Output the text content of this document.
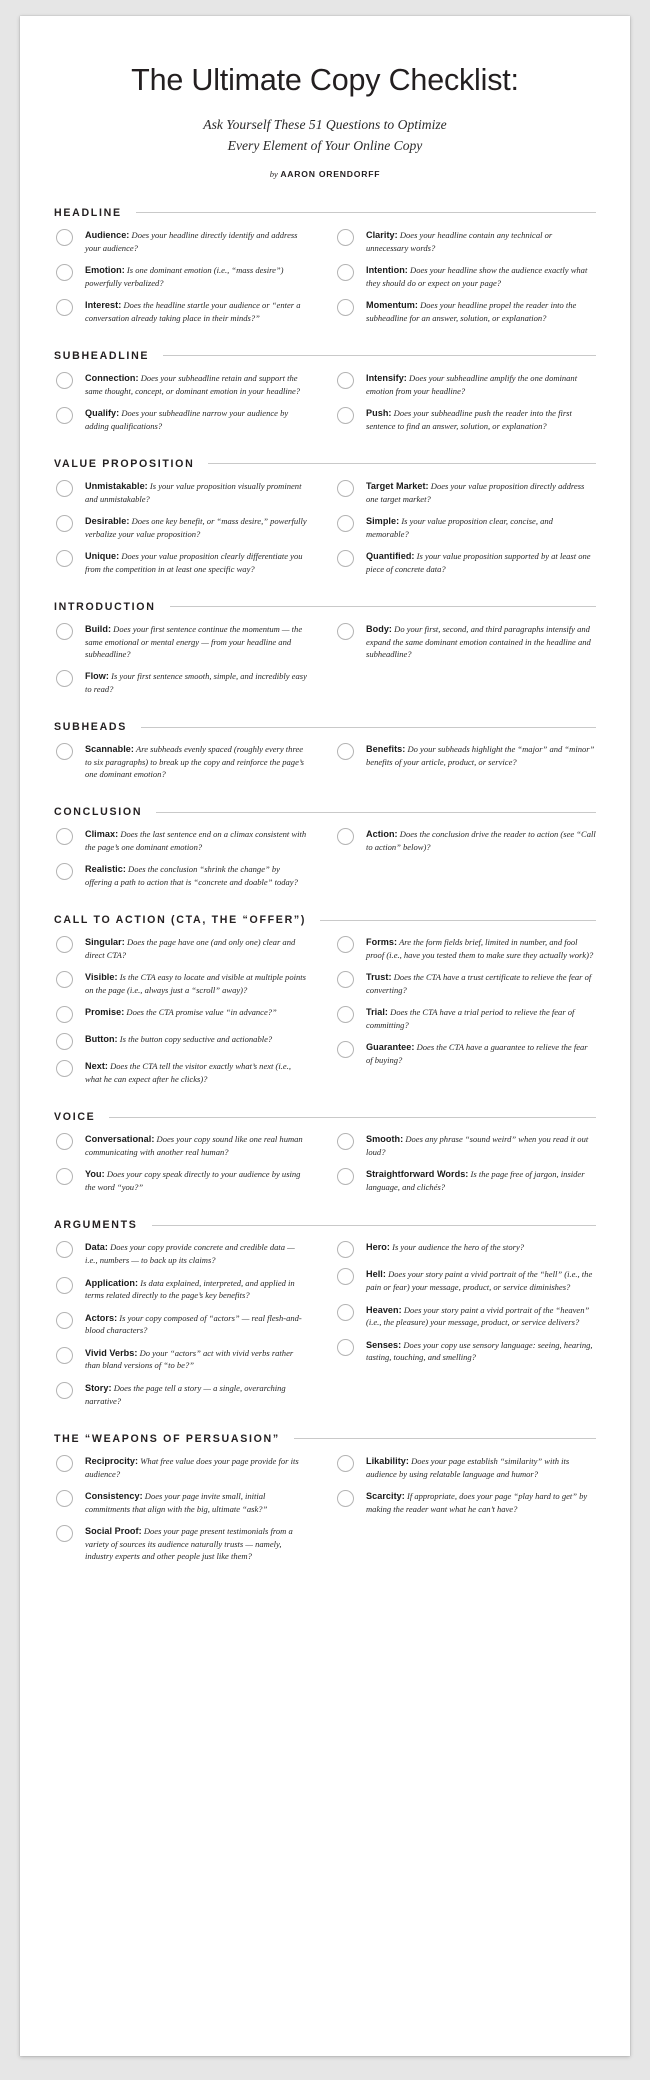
The Ultimate Copy Checklist:
Ask Yourself These 51 Questions to Optimize
Every Element of Your Online Copy
by AARON ORENDORFF
HEADLINE
Audience: Does your headline directly identify and address your audience?
Emotion: Is one dominant emotion (i.e., “mass desire”) powerfully verbalized?
Interest: Does the headline startle your audience or “enter a conversation already taking place in their minds?”
Clarity: Does your headline contain any technical or unnecessary words?
Intention: Does your headline show the audience exactly what they should do or expect on your page?
Momentum: Does your headline propel the reader into the subheadline for an answer, solution, or explanation?
SUBHEADLINE
Connection: Does your subheadline retain and support the same thought, concept, or dominant emotion in your headline?
Qualify: Does your subheadline narrow your audience by adding qualifications?
Intensify: Does your subheadline amplify the one dominant emotion from your headline?
Push: Does your subheadline push the reader into the first sentence to find an answer, solution, or explanation?
VALUE PROPOSITION
Unmistakable: Is your value proposition visually prominent and unmistakable?
Desirable: Does one key benefit, or “mass desire,” powerfully verbalize your value proposition?
Unique: Does your value proposition clearly differentiate you from the competition in at least one specific way?
Target Market: Does your value proposition directly address one target market?
Simple: Is your value proposition clear, concise, and memorable?
Quantified: Is your value proposition supported by at least one piece of concrete data?
INTRODUCTION
Build: Does your first sentence continue the momentum — the same emotional or mental energy — from your headline and subheadline?
Flow: Is your first sentence smooth, simple, and incredibly easy to read?
Body: Do your first, second, and third paragraphs intensify and expand the same dominant emotion contained in the headline and subheadline?
SUBHEADS
Scannable: Are subheads evenly spaced (roughly every three to six paragraphs) to break up the copy and reinforce the page’s one dominant emotion?
Benefits: Do your subheads highlight the “major” and “minor” benefits of your article, product, or service?
CONCLUSION
Climax: Does the last sentence end on a climax consistent with the page’s one dominant emotion?
Realistic: Does the conclusion “shrink the change” by offering a path to action that is “concrete and doable” today?
Action: Does the conclusion drive the reader to action (see “Call to action” below)?
CALL TO ACTION (CTA, THE “OFFER”)
Singular: Does the page have one (and only one) clear and direct CTA?
Visible: Is the CTA easy to locate and visible at multiple points on the page (i.e., always just a “scroll” away)?
Promise: Does the CTA promise value “in advance?”
Button: Is the button copy seductive and actionable?
Next: Does the CTA tell the visitor exactly what’s next (i.e., what he can expect after he clicks)?
Forms: Are the form fields brief, limited in number, and fool proof (i.e., have you tested them to make sure they actually work)?
Trust: Does the CTA have a trust certificate to relieve the fear of converting?
Trial: Does the CTA have a trial period to relieve the fear of committing?
Guarantee: Does the CTA have a guarantee to relieve the fear of buying?
VOICE
Conversational: Does your copy sound like one real human communicating with another real human?
You: Does your copy speak directly to your audience by using the word “you?”
Smooth: Does any phrase “sound weird” when you read it out loud?
Straightforward Words: Is the page free of jargon, insider language, and clichés?
ARGUMENTS
Data: Does your copy provide concrete and credible data — i.e., numbers — to back up its claims?
Application: Is data explained, interpreted, and applied in terms related directly to the page’s key benefits?
Actors: Is your copy composed of “actors” — real flesh-and-blood characters?
Vivid Verbs: Do your “actors” act with vivid verbs rather than bland versions of “to be?”
Story: Does the page tell a story — a single, overarching narrative?
Hero: Is your audience the hero of the story?
Hell: Does your story paint a vivid portrait of the “hell” (i.e., the pain or fear) your message, product, or service diminishes?
Heaven: Does your story paint a vivid portrait of the “heaven” (i.e., the pleasure) your message, product, or service delivers?
Senses: Does your copy use sensory language: seeing, hearing, tasting, touching, and smelling?
THE “WEAPONS OF PERSUASION”
Reciprocity: What free value does your page provide for its audience?
Consistency: Does your page invite small, initial commitments that align with the big, ultimate “ask?”
Social Proof: Does your page present testimonials from a variety of sources its audience naturally trusts — namely, industry experts and other people just like them?
Likability: Does your page establish “similarity” with its audience by using relatable language and humor?
Scarcity: If appropriate, does your page “play hard to get” by making the reader want what he can’t have?
